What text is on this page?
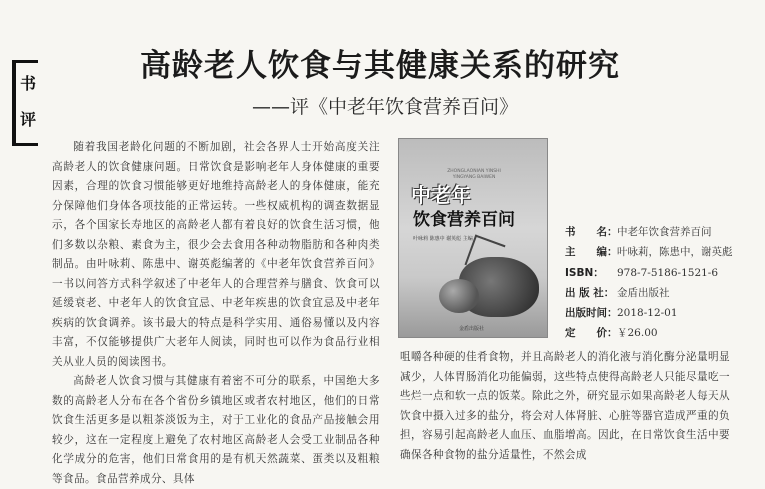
书
评
高龄老人饮食与其健康关系的研究
——评《中老年饮食营养百问》

随着我国老龄化问题的不断加剧，社会各界人士开始高度关注高龄老人的饮食健康问题。日常饮食是影响老年人身体健康的重要因素，合理的饮食习惯能够更好地维持高龄老人的身体健康，能充分保障他们身体各项技能的正常运转。一些权威机构的调查数据显示，各个国家长寿地区的高龄老人都有着良好的饮食生活习惯，他们多数以杂粮、素食为主，很少会去食用各种动物脂肪和各种肉类制品。由叶咏莉、陈患中、谢英彪编著的《中老年饮食营养百问》一书以问答方式科学叙述了中老年人的合理营养与膳食、饮食可以延缓衰老、中老年人的饮食宜忌、中老年疾患的饮食宜忌及中老年疾病的饮食调养。该书最大的特点是科学实用、通俗易懂以及内容丰富，不仅能够提供广大老年人阅读，同时也可以作为食品行业相关从业人员的阅读图书。

高龄老人饮食习惯与其健康有着密不可分的联系，中国绝大多数的高龄老人分布在各个省份乡镇地区或者农村地区，他们的日常饮食生活更多是以粗茶淡饭为主，对于工业化的食品产品接触会用较少，这在一定程度上避免了农村地区高龄老人会受工业制品各种化学成分的危害，他们日常食用的是有机天然蔬菜、蛋类以及粗粮等食品。食品营养成分、具体

ZHONGLAONIAN YINSHI YINGYANG BAIWEN
中老年
饮食营养百问
叶咏莉 陈惠中 谢英彪 主编
金盾出版社
书　　名：中老年饮食营养百问
主　　编：叶咏莉，陈患中，谢英彪
ISBN： 978-7-5186-1521-6
出 版 社： 金盾出版社
出版时间：2018-12-01
定　　价：￥26.00

咀嚼各种硬的佳肴食物，并且高龄老人的消化液与消化酶分泌量明显减少，人体胃肠消化功能偏弱，这些特点使得高龄老人只能尽量吃一些烂一点和软一点的饭菜。除此之外，研究显示如果高龄老人每天从饮食中摄入过多的盐分，将会对人体肾脏、心脏等器官造成严重的负担，容易引起高龄老人血压、血脂增高。因此，在日常饮食生活中要确保各种食物的盐分适量性，不然会成
